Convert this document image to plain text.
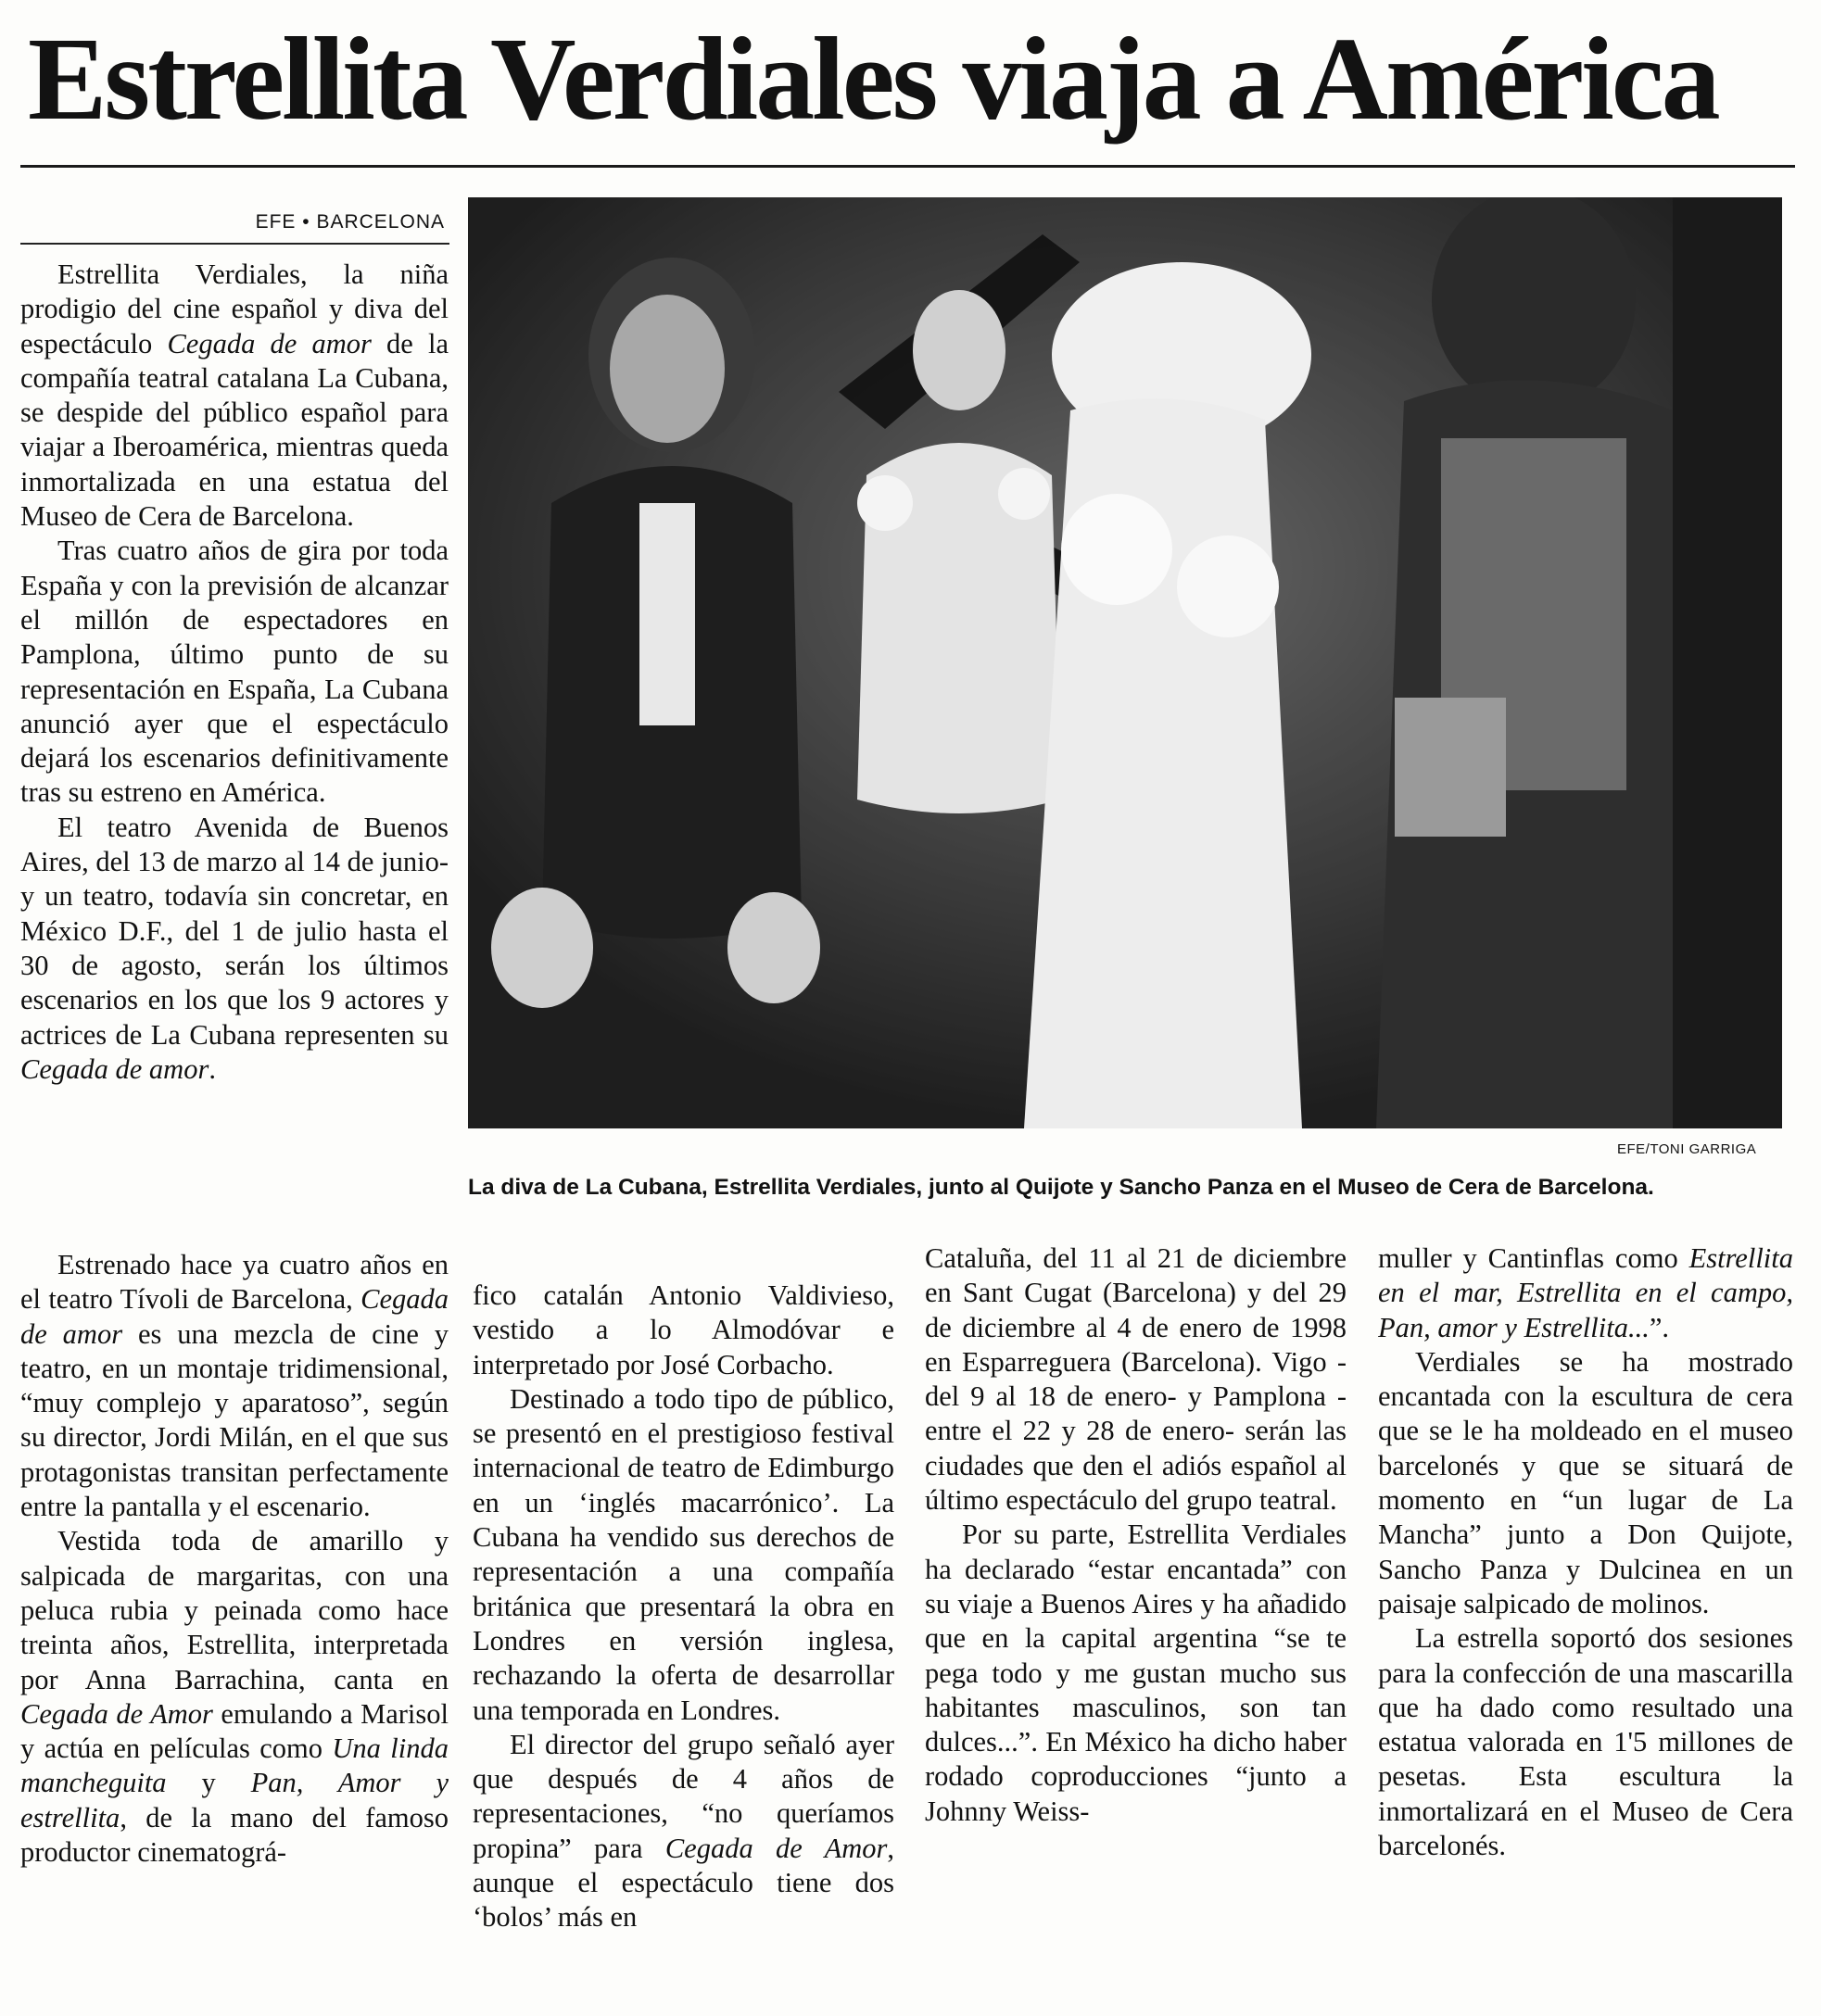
Estrellita Verdiales viaja a América
EFE • BARCELONA

Estrellita Verdiales, la niña prodigio del cine español y diva del espectáculo Cegada de amor de la compañía teatral catalana La Cubana, se despide del público español para viajar a Iberoamérica, mientras queda inmortalizada en una estatua del Museo de Cera de Barcelona.

Tras cuatro años de gira por toda España y con la previsión de alcanzar el millón de espectadores en Pamplona, último punto de su representación en España, La Cubana anunció ayer que el espectáculo dejará los escenarios definitivamente tras su estreno en América.

El teatro Avenida de Buenos Aires, del 13 de marzo al 14 de junio- y un teatro, todavía sin concretar, en México D.F., del 1 de julio hasta el 30 de agosto, serán los últimos escenarios en los que los 9 actores y actrices de La Cubana representen su Cegada de amor.

EFE/TONI GARRIGA
La diva de La Cubana, Estrellita Verdiales, junto al Quijote y Sancho Panza en el Museo de Cera de Barcelona.

Estrenado hace ya cuatro años en el teatro Tívoli de Barcelona, Cegada de amor es una mezcla de cine y teatro, en un montaje tridimensional, “muy complejo y aparatoso”, según su director, Jordi Milán, en el que sus protagonistas transitan perfectamente entre la pantalla y el escenario.

Vestida toda de amarillo y salpicada de margaritas, con una peluca rubia y peinada como hace treinta años, Estrellita, interpretada por Anna Barrachina, canta en Cegada de Amor emulando a Marisol y actúa en películas como Una linda mancheguita y Pan, Amor y estrellita, de la mano del famoso productor cinematográ-

fico catalán Antonio Valdivieso, vestido a lo Almodóvar e interpretado por José Corbacho.

Destinado a todo tipo de público, se presentó en el prestigioso festival internacional de teatro de Edimburgo en un ‘inglés macarrónico’. La Cubana ha vendido sus derechos de representación a una compañía británica que presentará la obra en Londres en versión inglesa, rechazando la oferta de desarrollar una temporada en Londres.

El director del grupo señaló ayer que después de 4 años de representaciones, “no queríamos propina” para Cegada de Amor, aunque el espectáculo tiene dos ‘bolos’ más en

Cataluña, del 11 al 21 de diciembre en Sant Cugat (Barcelona) y del 29 de diciembre al 4 de enero de 1998 en Esparreguera (Barcelona). Vigo -del 9 al 18 de enero- y Pamplona -entre el 22 y 28 de enero- serán las ciudades que den el adiós español al último espectáculo del grupo teatral.

Por su parte, Estrellita Verdiales ha declarado “estar encantada” con su viaje a Buenos Aires y ha añadido que en la capital argentina “se te pega todo y me gustan mucho sus habitantes masculinos, son tan dulces...”. En México ha dicho haber rodado coproducciones “junto a Johnny Weiss-

muller y Cantinflas como Estrellita en el mar, Estrellita en el campo, Pan, amor y Estrellita...”.

Verdiales se ha mostrado encantada con la escultura de cera que se le ha moldeado en el museo barcelonés y que se situará de momento en “un lugar de La Mancha” junto a Don Quijote, Sancho Panza y Dulcinea en un paisaje salpicado de molinos.

La estrella soportó dos sesiones para la confección de una mascarilla que ha dado como resultado una estatua valorada en 1'5 millones de pesetas. Esta escultura la inmortalizará en el Museo de Cera barcelonés.
